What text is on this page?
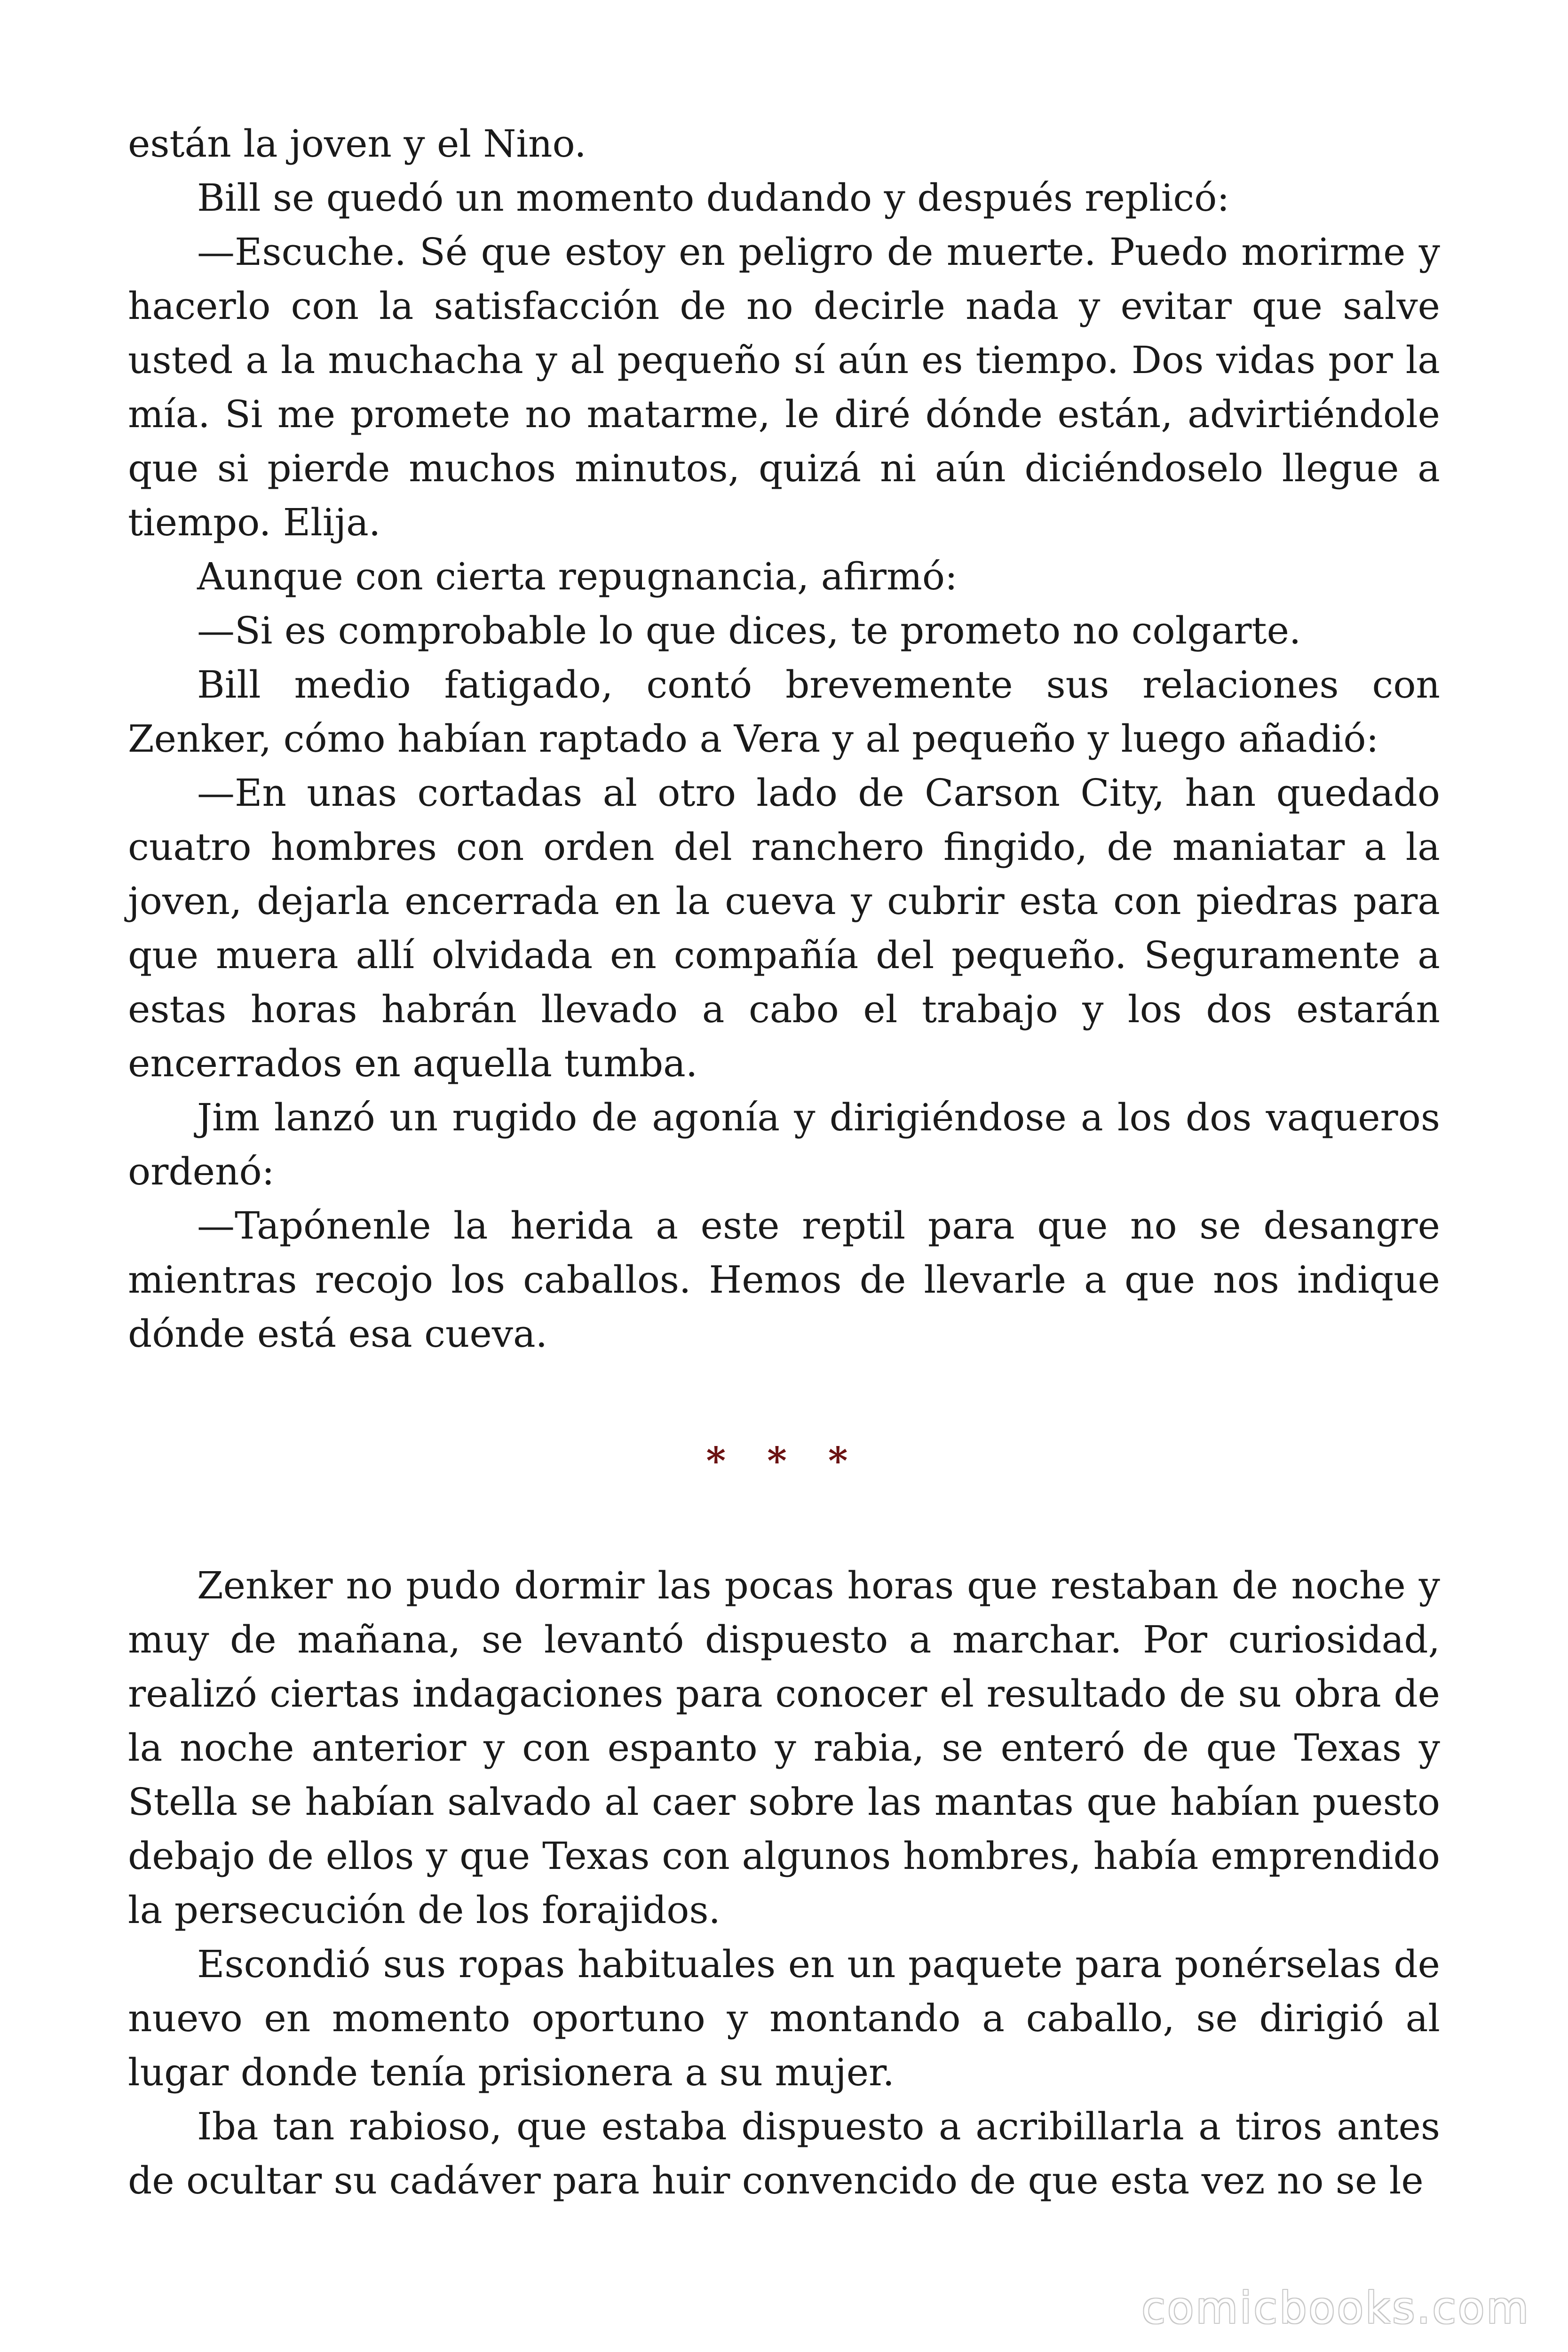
están la joven y el Nino.

Bill se quedó un momento dudando y después replicó:

—Escuche. Sé que estoy en peligro de muerte. Puedo morirme y hacerlo con la satisfacción de no decirle nada y evitar que salve usted a la muchacha y al pequeño sí aún es tiempo. Dos vidas por la mía. Si me promete no matarme, le diré dónde están, advirtiéndole que si pierde muchos minutos, quizá ni aún diciéndoselo llegue a tiempo. Elija.

Aunque con cierta repugnancia, afirmó:

—Si es comprobable lo que dices, te prometo no colgarte.

Bill medio fatigado, contó brevemente sus relaciones con Zenker, cómo habían raptado a Vera y al pequeño y luego añadió:

—En unas cortadas al otro lado de Carson City, han quedado cuatro hombres con orden del ranchero fingido, de maniatar a la joven, dejarla encerrada en la cueva y cubrir esta con piedras para que muera allí olvidada en compañía del pequeño. Seguramente a estas horas habrán llevado a cabo el trabajo y los dos estarán encerrados en aquella tumba.

Jim lanzó un rugido de agonía y dirigiéndose a los dos vaqueros ordenó:

—Tapónenle la herida a este reptil para que no se desangre mientras recojo los caballos. Hemos de llevarle a que nos indique dónde está esa cueva.

* * *

Zenker no pudo dormir las pocas horas que restaban de noche y muy de mañana, se levantó dispuesto a marchar. Por curiosidad, realizó ciertas indagaciones para conocer el resultado de su obra de la noche anterior y con espanto y rabia, se enteró de que Texas y Stella se habían salvado al caer sobre las mantas que habían puesto debajo de ellos y que Texas con algunos hombres, había emprendido la persecución de los forajidos.

Escondió sus ropas habituales en un paquete para ponérselas de nuevo en momento oportuno y montando a caballo, se dirigió al lugar donde tenía prisionera a su mujer.

Iba tan rabioso, que estaba dispuesto a acribillarla a tiros antes de ocultar su cadáver para huir convencido de que esta vez no se le

comicbooks.com
